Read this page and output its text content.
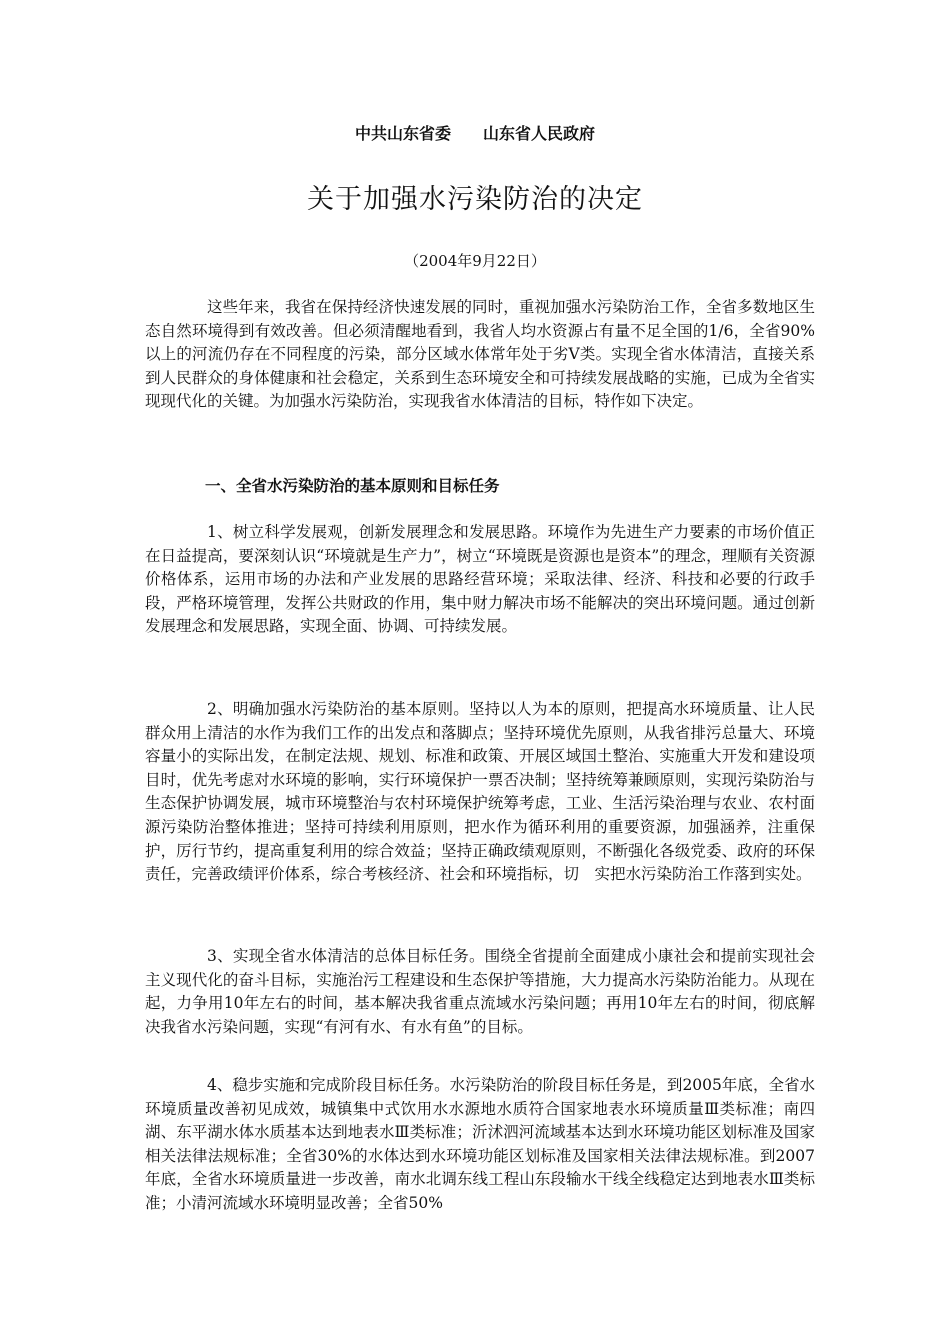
中共山东省委　　山东省人民政府
关于加强水污染防治的决定
（2004年9月22日）

这些年来，我省在保持经济快速发展的同时，重视加强水污染防治工作，全省多数地区生态自然环境得到有效改善。但必须清醒地看到，我省人均水资源占有量不足全国的1/6，全省90%以上的河流仍存在不同程度的污染，部分区域水体常年处于劣Ⅴ类。实现全省水体清洁，直接关系到人民群众的身体健康和社会稳定，关系到生态环境安全和可持续发展战略的实施，已成为全省实现现代化的关键。为加强水污染防治，实现我省水体清洁的目标，特作如下决定。

一、全省水污染防治的基本原则和目标任务

1、树立科学发展观，创新发展理念和发展思路。环境作为先进生产力要素的市场价值正在日益提高，要深刻认识“环境就是生产力”，树立“环境既是资源也是资本”的理念，理顺有关资源价格体系，运用市场的办法和产业发展的思路经营环境；采取法律、经济、科技和必要的行政手段，严格环境管理，发挥公共财政的作用，集中财力解决市场不能解决的突出环境问题。通过创新发展理念和发展思路，实现全面、协调、可持续发展。

2、明确加强水污染防治的基本原则。坚持以人为本的原则，把提高水环境质量、让人民群众用上清洁的水作为我们工作的出发点和落脚点；坚持环境优先原则，从我省排污总量大、环境容量小的实际出发，在制定法规、规划、标准和政策、开展区域国土整治、实施重大开发和建设项目时，优先考虑对水环境的影响，实行环境保护一票否决制；坚持统筹兼顾原则，实现污染防治与生态保护协调发展，城市环境整治与农村环境保护统筹考虑，工业、生活污染治理与农业、农村面源污染防治整体推进；坚持可持续利用原则，把水作为循环利用的重要资源，加强涵养，注重保护，厉行节约，提高重复利用的综合效益；坚持正确政绩观原则，不断强化各级党委、政府的环保责任，完善政绩评价体系，综合考核经济、社会和环境指标，切　实把水污染防治工作落到实处。

3、实现全省水体清洁的总体目标任务。围绕全省提前全面建成小康社会和提前实现社会主义现代化的奋斗目标，实施治污工程建设和生态保护等措施，大力提高水污染防治能力。从现在起，力争用10年左右的时间，基本解决我省重点流域水污染问题；再用10年左右的时间，彻底解决我省水污染问题，实现“有河有水、有水有鱼”的目标。

4、稳步实施和完成阶段目标任务。水污染防治的阶段目标任务是，到2005年底，全省水环境质量改善初见成效，城镇集中式饮用水水源地水质符合国家地表水环境质量Ⅲ类标准；南四湖、东平湖水体水质基本达到地表水Ⅲ类标准；沂沭泗河流域基本达到水环境功能区划标准及国家相关法律法规标准；全省30%的水体达到水环境功能区划标准及国家相关法律法规标准。到2007年底，全省水环境质量进一步改善，南水北调东线工程山东段输水干线全线稳定达到地表水Ⅲ类标准；小清河流域水环境明显改善；全省50%
